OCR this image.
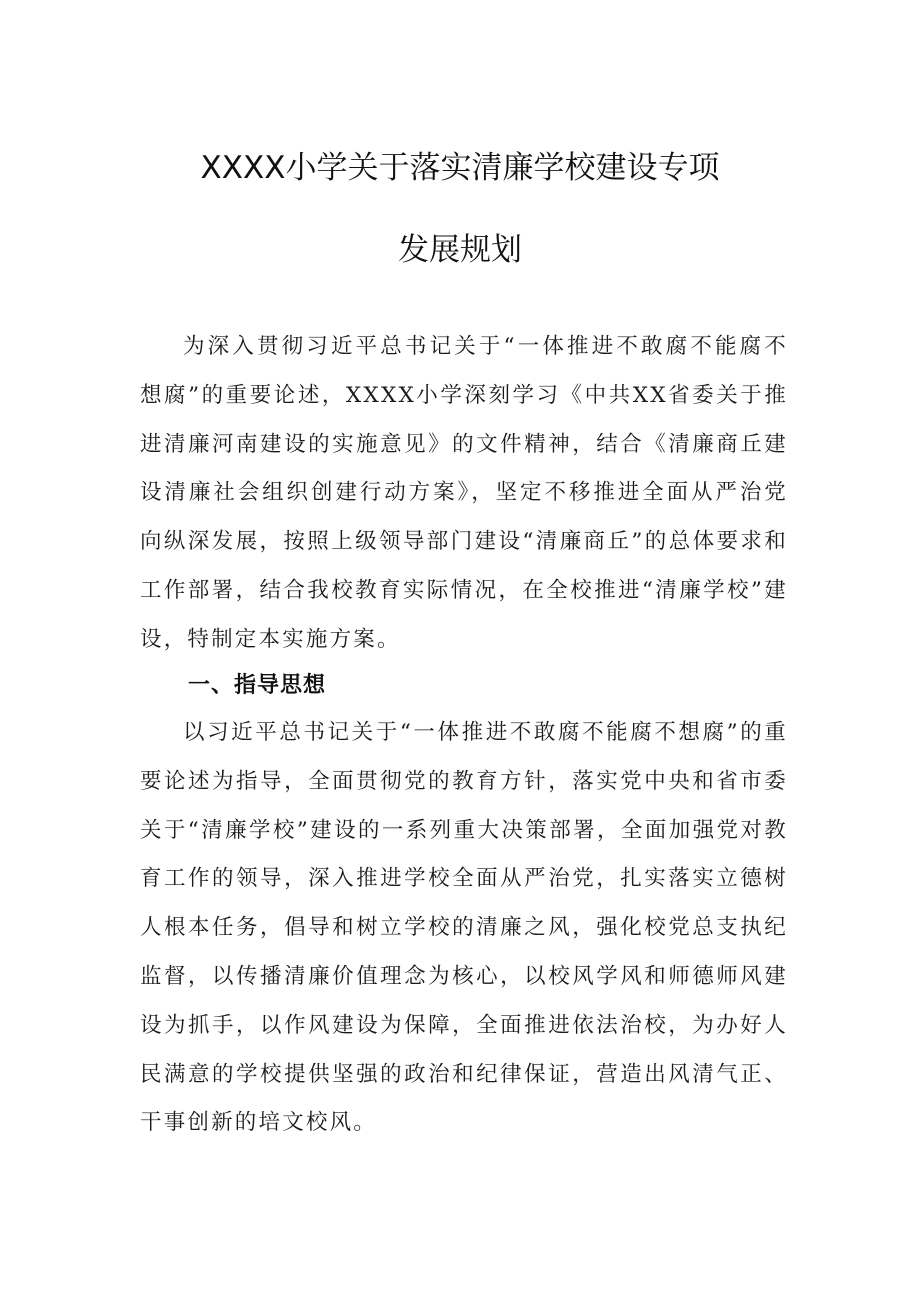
XXXX小学关于落实清廉学校建设专项
发展规划

为深入贯彻习近平总书记关于“一体推进不敢腐不能腐不想腐”的重要论述，XXXX小学深刻学习《中共XX省委关于推进清廉河南建设的实施意见》的文件精神，结合《清廉商丘建设清廉社会组织创建行动方案》，坚定不移推进全面从严治党向纵深发展，按照上级领导部门建设“清廉商丘”的总体要求和工作部署，结合我校教育实际情况，在全校推进“清廉学校”建设，特制定本实施方案。

一、指导思想

以习近平总书记关于“一体推进不敢腐不能腐不想腐”的重要论述为指导，全面贯彻党的教育方针，落实党中央和省市委关于“清廉学校”建设的一系列重大决策部署，全面加强党对教育工作的领导，深入推进学校全面从严治党，扎实落实立德树人根本任务，倡导和树立学校的清廉之风，强化校党总支执纪监督，以传播清廉价值理念为核心，以校风学风和师德师风建设为抓手，以作风建设为保障，全面推进依法治校，为办好人民满意的学校提供坚强的政治和纪律保证，营造出风清气正、干事创新的培文校风。
